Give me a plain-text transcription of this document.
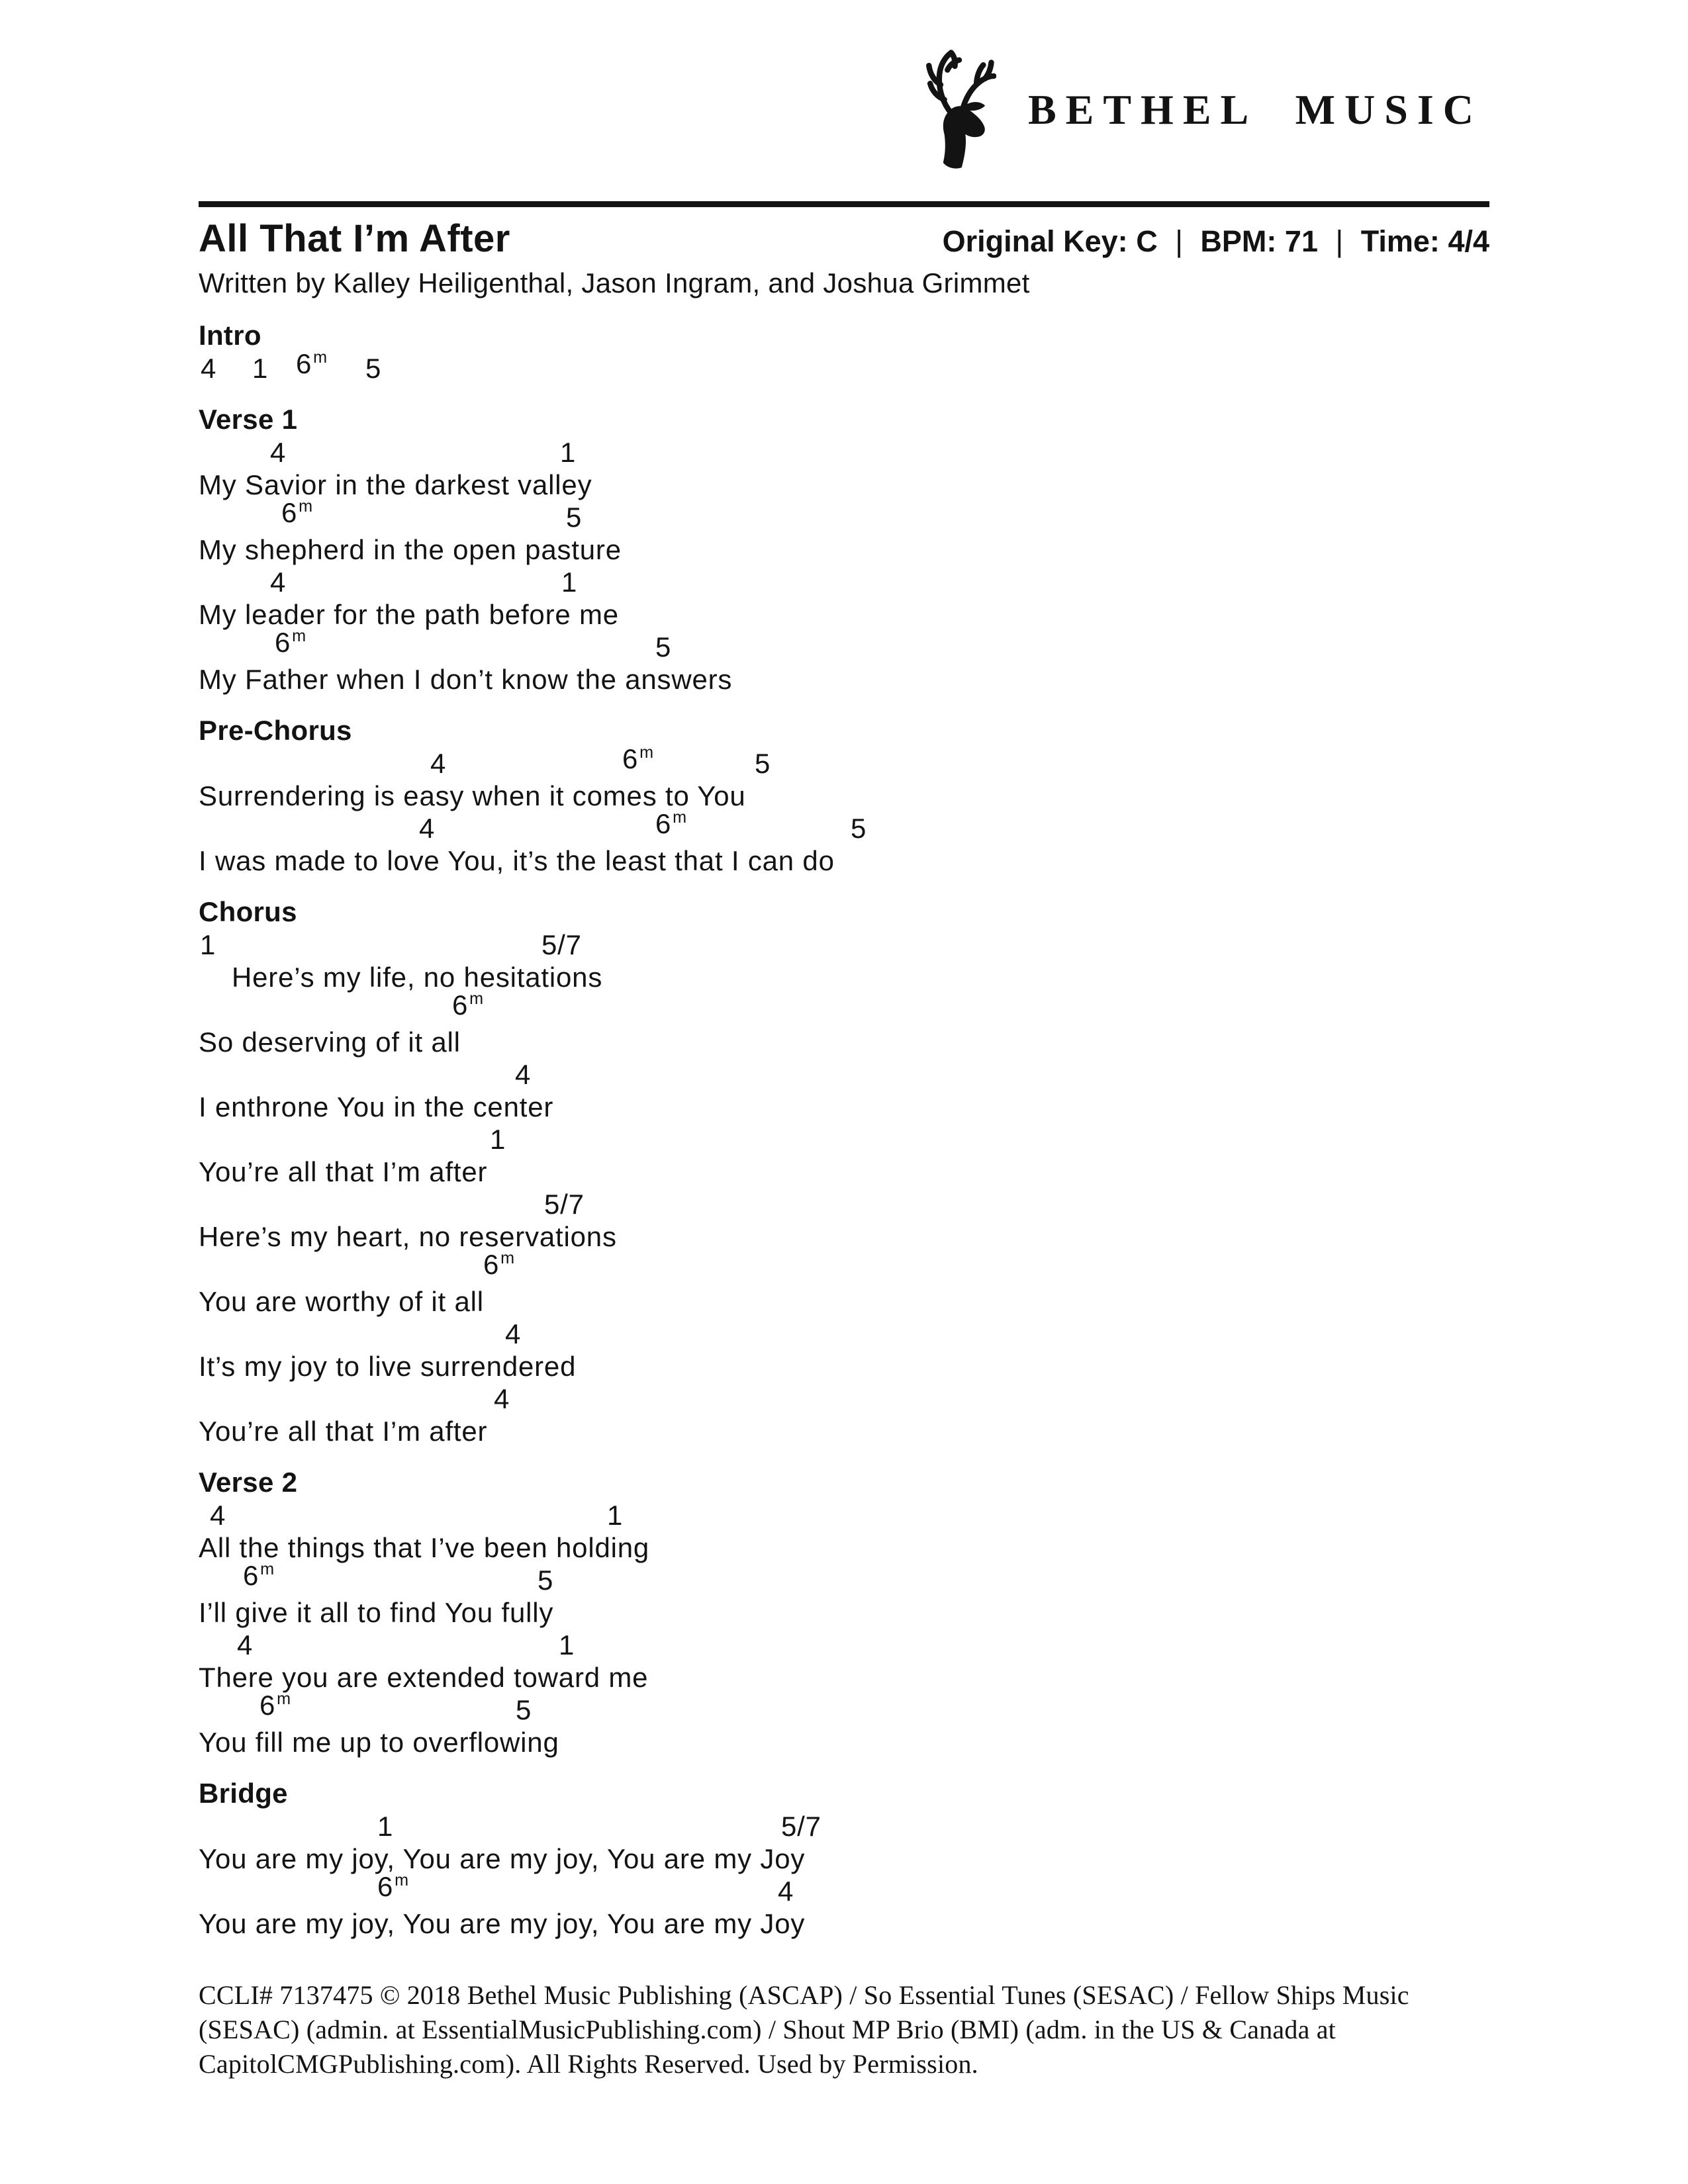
BETHEL MUSIC
All That I’m After	Original Key: C | BPM: 71 | Time: 4/4
Written by Kalley Heiligenthal, Jason Ingram, and Joshua Grimmet
Intro
4 1 6$^m$ 5
Verse 1
4	1
My Savior in the darkest valley
6$^m$	5
My shepherd in the open pasture
4	1
My leader for the path before me
6$^m$	5
My Father when I don’t know the answers
Pre-Chorus
4	6$^m$	5
Surrendering is easy when it comes to You
4	6$^m$	5
I was made to love You, it’s the least that I can do
Chorus
1	5/7
Here’s my life, no hesitations
6$^m$
So deserving of it all
4
I enthrone You in the center
1
You’re all that I’m after
5/7
Here’s my heart, no reservations
6$^m$
You are worthy of it all
4
It’s my joy to live surrendered
4
You’re all that I’m after
Verse 2
4	1
All the things that I’ve been holding
6$^m$	5
I’ll give it all to find You fully
4	1
There you are extended toward me
6$^m$	5
You fill me up to overflowing
Bridge
1	5/7
You are my joy, You are my joy, You are my Joy
6$^m$	4
You are my joy, You are my joy, You are my Joy
CCLI# 7137475 © 2018 Bethel Music Publishing (ASCAP) / So Essential Tunes (SESAC) / Fellow Ships Music
(SESAC) (admin. at EssentialMusicPublishing.com) / Shout MP Brio (BMI) (adm. in the US & Canada at
CapitolCMGPublishing.com). All Rights Reserved. Used by Permission.
